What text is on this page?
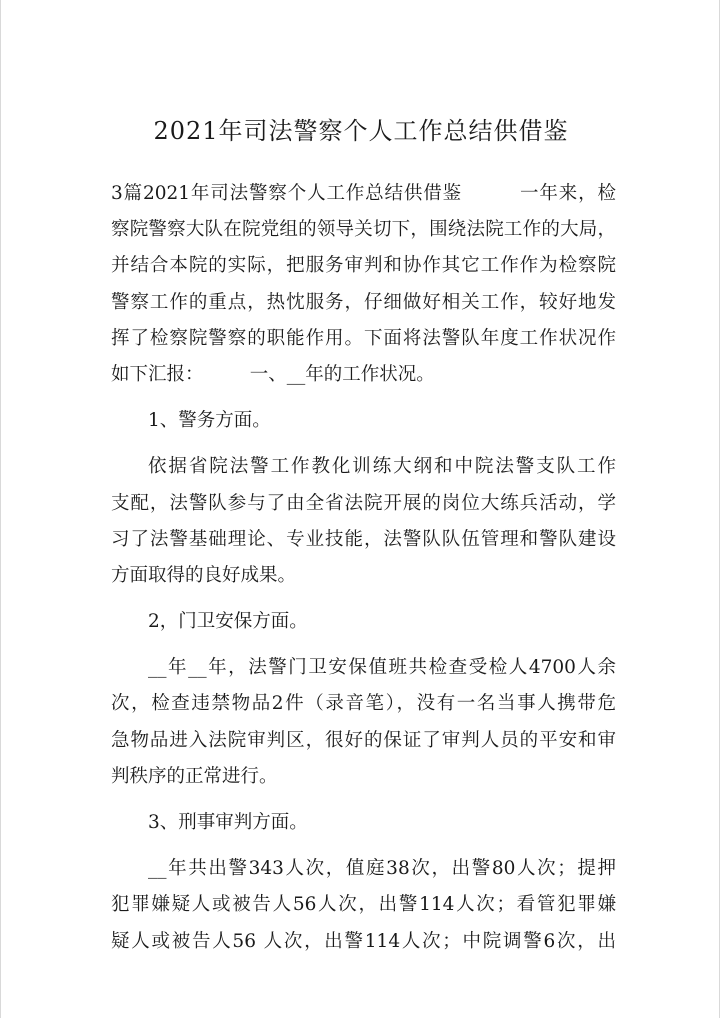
2021年司法警察个人工作总结供借鉴
3篇2021年司法警察个人工作总结供借鉴　　　一年来，检
察院警察大队在院党组的领导关切下，围绕法院工作的大局，
并结合本院的实际，把服务审判和协作其它工作作为检察院
警察工作的重点，热忱服务，仔细做好相关工作，较好地发
挥了检察院警察的职能作用。下面将法警队年度工作状况作
如下汇报：　　　一、__年的工作状况。
1、警务方面。
依据省院法警工作教化训练大纲和中院法警支队工作
支配，法警队参与了由全省法院开展的岗位大练兵活动，学
习了法警基础理论、专业技能，法警队队伍管理和警队建设
方面取得的良好成果。
2，门卫安保方面。
__年__年，法警门卫安保值班共检查受检人4700人余
次，检查违禁物品2件（录音笔），没有一名当事人携带危
急物品进入法院审判区，很好的保证了审判人员的平安和审
判秩序的正常进行。
3、刑事审判方面。
__年共出警343人次，值庭38次，出警80人次；提押
犯罪嫌疑人或被告人56人次，出警114人次；看管犯罪嫌
疑人或被告人56 人次，出警114人次；中院调警6次，出
